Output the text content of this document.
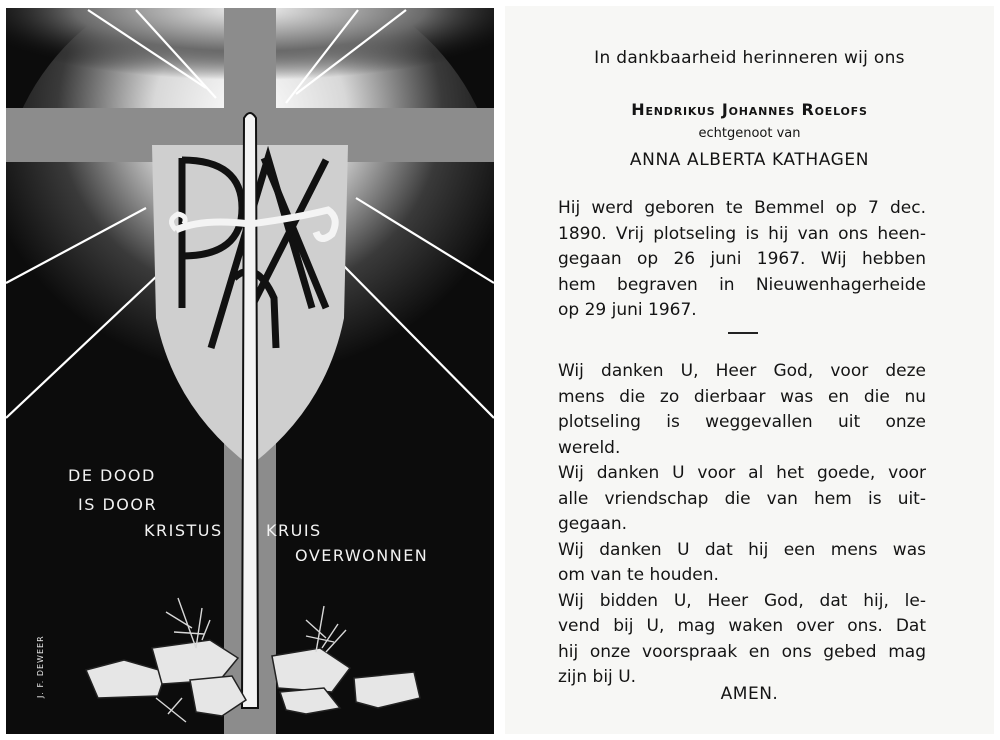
DE DOOD
IS DOOR
KRISTUS	KRUIS
OVERWONNEN
J. F. DEWEER
In dankbaarheid herinneren wij ons
Hendrikus Johannes Roelofs
echtgenoot van
ANNA ALBERTA KATHAGEN
Hij werd geboren te Bemmel op 7 dec.
1890. Vrij plotseling is hij van ons heen-
gegaan op 26 juni 1967. Wij hebben
hem begraven in Nieuwenhagerheide
op 29 juni 1967.
Wij danken U, Heer God, voor deze
mens die zo dierbaar was en die nu
plotseling is weggevallen uit onze
wereld.
Wij danken U voor al het goede, voor
alle vriendschap die van hem is uit-
gegaan.
Wij danken U dat hij een mens was
om van te houden.
Wij bidden U, Heer God, dat hij, le-
vend bij U, mag waken over ons. Dat
hij onze voorspraak en ons gebed mag
zijn bij U.
AMEN.
